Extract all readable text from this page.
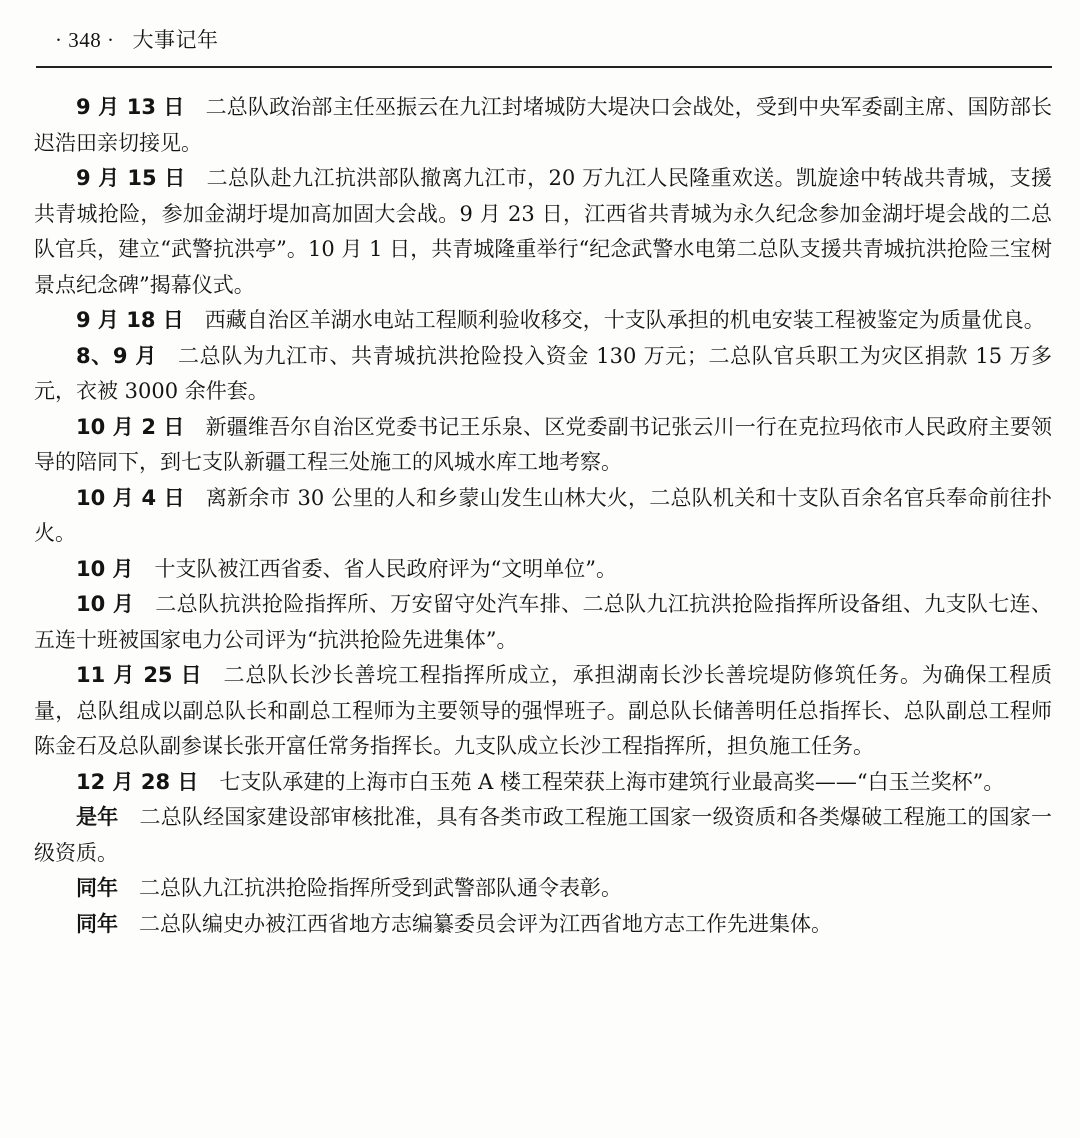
· 348 · 大事记年

9 月 13 日 二总队政治部主任巫振云在九江封堵城防大堤决口会战处，受到中央军委副主席、国防部长迟浩田亲切接见。

9 月 15 日 二总队赴九江抗洪部队撤离九江市，20 万九江人民隆重欢送。凯旋途中转战共青城，支援共青城抢险，参加金湖圩堤加高加固大会战。9 月 23 日，江西省共青城为永久纪念参加金湖圩堤会战的二总队官兵，建立“武警抗洪亭”。10 月 1 日，共青城隆重举行“纪念武警水电第二总队支援共青城抗洪抢险三宝树景点纪念碑”揭幕仪式。

9 月 18 日 西藏自治区羊湖水电站工程顺利验收移交，十支队承担的机电安装工程被鉴定为质量优良。

8、9 月 二总队为九江市、共青城抗洪抢险投入资金 130 万元；二总队官兵职工为灾区捐款 15 万多元，衣被 3000 余件套。

10 月 2 日 新疆维吾尔自治区党委书记王乐泉、区党委副书记张云川一行在克拉玛依市人民政府主要领导的陪同下，到七支队新疆工程三处施工的风城水库工地考察。

10 月 4 日 离新余市 30 公里的人和乡蒙山发生山林大火，二总队机关和十支队百余名官兵奉命前往扑火。

10 月 十支队被江西省委、省人民政府评为“文明单位”。

10 月 二总队抗洪抢险指挥所、万安留守处汽车排、二总队九江抗洪抢险指挥所设备组、九支队七连、五连十班被国家电力公司评为“抗洪抢险先进集体”。

11 月 25 日 二总队长沙长善垸工程指挥所成立，承担湖南长沙长善垸堤防修筑任务。为确保工程质量，总队组成以副总队长和副总工程师为主要领导的强悍班子。副总队长储善明任总指挥长、总队副总工程师陈金石及总队副参谋长张开富任常务指挥长。九支队成立长沙工程指挥所，担负施工任务。

12 月 28 日 七支队承建的上海市白玉苑 A 楼工程荣获上海市建筑行业最高奖——“白玉兰奖杯”。

是年 二总队经国家建设部审核批准，具有各类市政工程施工国家一级资质和各类爆破工程施工的国家一级资质。

同年 二总队九江抗洪抢险指挥所受到武警部队通令表彰。

同年 二总队编史办被江西省地方志编纂委员会评为江西省地方志工作先进集体。
